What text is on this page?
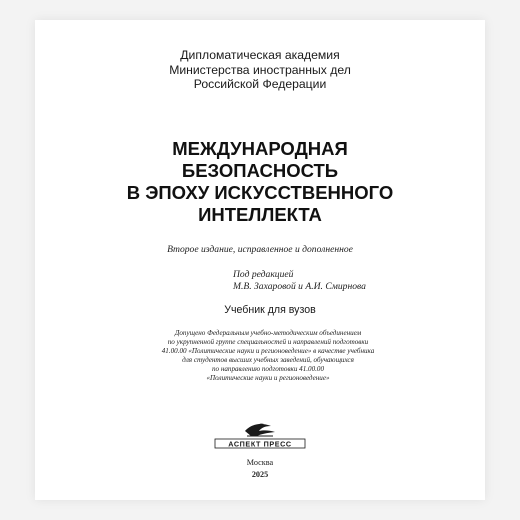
Дипломатическая академия
Министерства иностранных дел
Российской Федерации
МЕЖДУНАРОДНАЯ
БЕЗОПАСНОСТЬ
В ЭПОХУ ИСКУССТВЕННОГО
ИНТЕЛЛЕКТА
Второе издание, исправленное и дополненное
Под редакцией
М.В. Захаровой и А.И. Смирнова
Учебник для вузов
Допущено Федеральным учебно-методическим объединением
по укрупненной группе специальностей и направлений подготовки
41.00.00 «Политические науки и регионоведение» в качестве учебника
для студентов высших учебных заведений, обучающихся
по направлению подготовки 41.00.00
«Политические науки и регионоведение»
АСПЕКТ ПРЕСС
Москва
2025
